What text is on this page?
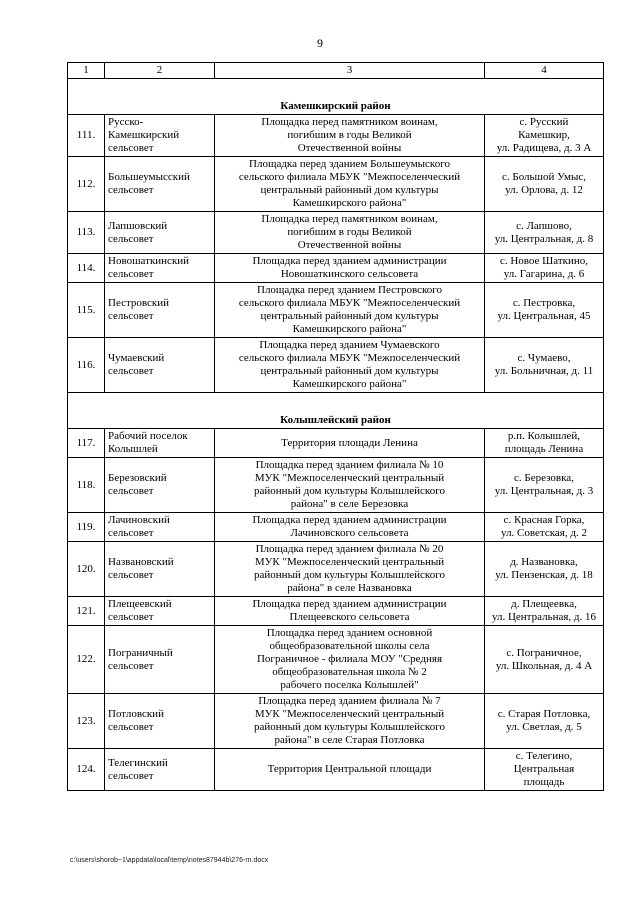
9
1	2	3	4

Камешкирский район			
111.	Русско-
Камешкирский
сельсовет	Площадка перед памятником воинам,
погибшим в годы Великой
Отечественной войны	с. Русский
Камешкир,
ул. Радищева, д. 3 А
112.	Большеумысский
сельсовет	Площадка перед зданием Большеумыского
сельского филиала МБУК "Межпоселенческий
центральный районный дом культуры
Камешкирского района"	с. Большой Умыс,
ул. Орлова, д. 12
113.	Лапшовский
сельсовет	Площадка перед памятником воинам,
погибшим в годы Великой
Отечественной войны	с. Лапшово,
ул. Центральная, д. 8
114.	Новошаткинский
сельсовет	Площадка перед зданием администрации
Новошаткинского сельсовета	с. Новое Шаткино,
ул. Гагарина, д. 6
115.	Пестровский
сельсовет	Площадка перед зданием Пестровского
сельского филиала МБУК "Межпоселенческий
центральный районный дом культуры
Камешкирского района"	с. Пестровка,
ул. Центральная, 45
116.	Чумаевский
сельсовет	Площадка перед зданием Чумаевского
сельского филиала МБУК "Межпоселенческий
центральный районный дом культуры
Камешкирского района"	с. Чумаево,
ул. Больничная, д. 11

Колышлейский район			
117.	Рабочий поселок
Колышлей	Территория площади Ленина	р.п. Колышлей,
площадь Ленина
118.	Березовский
сельсовет	Площадка перед зданием филиала № 10
МУК "Межпоселенческий центральный
районный дом культуры Колышлейского
района" в селе Березовка	с. Березовка,
ул. Центральная, д. 3
119.	Лачиновский
сельсовет	Площадка перед зданием администрации
Лачиновского сельсовета	с. Красная Горка,
ул. Советская, д. 2
120.	Названовский
сельсовет	Площадка перед зданием филиала № 20
МУК "Межпоселенческий центральный
районный дом культуры Колышлейского
района" в селе Названовка	д. Названовка,
ул. Пензенская, д. 18
121.	Плещеевский
сельсовет	Площадка перед зданием администрации
Плещеевского сельсовета	д. Плещеевка,
ул. Центральная, д. 16
122.	Пограничный
сельсовет	Площадка перед зданием основной
общеобразовательной школы села
Пограничное - филиала МОУ "Средняя
общеобразовательная школа № 2
рабочего поселка Колышлей"	с. Пограничное,
ул. Школьная, д. 4 А
123.	Потловский
сельсовет	Площадка перед зданием филиала № 7
МУК "Межпоселенческий центральный
районный дом культуры Колышлейского
района" в селе Старая Потловка	с. Старая Потловка,
ул. Светлая, д. 5
124.	Телегинский
сельсовет	Территория Центральной площади	с. Телегино,
Центральная
площадь
c:\users\shorob~1\appdata\local\temp\notes87944b\276-rn.docx
